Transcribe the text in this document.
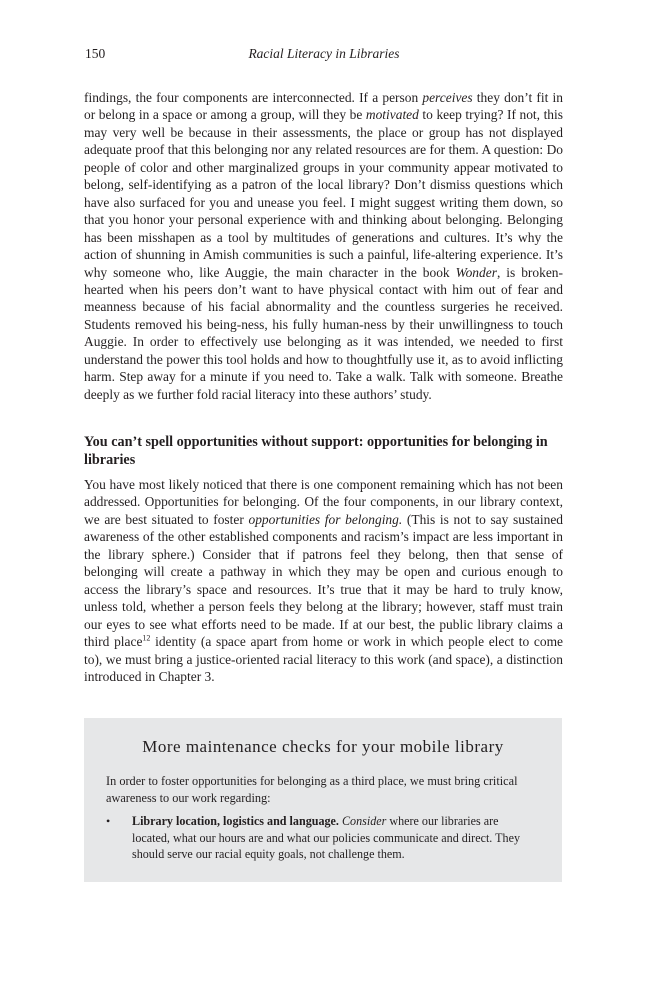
150	Racial Literacy in Libraries
findings, the four components are interconnected. If a person perceives they don’t fit in or belong in a space or among a group, will they be motivated to keep trying? If not, this may very well be because in their assessments, the place or group has not displayed adequate proof that this belonging nor any related resources are for them. A question: Do people of color and other marginalized groups in your community appear motivated to belong, self-identifying as a patron of the local library? Don’t dismiss questions which have also surfaced for you and unease you feel. I might suggest writing them down, so that you honor your personal experience with and thinking about belonging. Belonging has been misshapen as a tool by multitudes of generations and cultures. It’s why the action of shunning in Amish communities is such a painful, life-altering experience. It’s why someone who, like Auggie, the main character in the book Wonder, is broken-hearted when his peers don’t want to have physical contact with him out of fear and meanness because of his facial abnormality and the countless surgeries he received. Students removed his being-ness, his fully human-ness by their unwillingness to touch Auggie. In order to effectively use belonging as it was intended, we needed to first understand the power this tool holds and how to thoughtfully use it, as to avoid inflicting harm. Step away for a minute if you need to. Take a walk. Talk with someone. Breathe deeply as we further fold racial literacy into these authors’ study.
You can’t spell opportunities without support: opportunities for belonging in libraries
You have most likely noticed that there is one component remaining which has not been addressed. Opportunities for belonging. Of the four components, in our library context, we are best situated to foster opportunities for belonging. (This is not to say sustained awareness of the other established components and racism’s impact are less important in the library sphere.) Consider that if patrons feel they belong, then that sense of belonging will create a pathway in which they may be open and curious enough to access the library’s space and resources. It’s true that it may be hard to truly know, unless told, whether a person feels they belong at the library; however, staff must train our eyes to see what efforts need to be made. If at our best, the public library claims a third place$^{12}$ identity (a space apart from home or work in which people elect to come to), we must bring a justice-oriented racial literacy to this work (and space), a distinction introduced in Chapter 3.
More maintenance checks for your mobile library
In order to foster opportunities for belonging as a third place, we must bring critical awareness to our work regarding:
• Library location, logistics and language. Consider where our libraries are located, what our hours are and what our policies communicate and direct. They should serve our racial equity goals, not challenge them.
